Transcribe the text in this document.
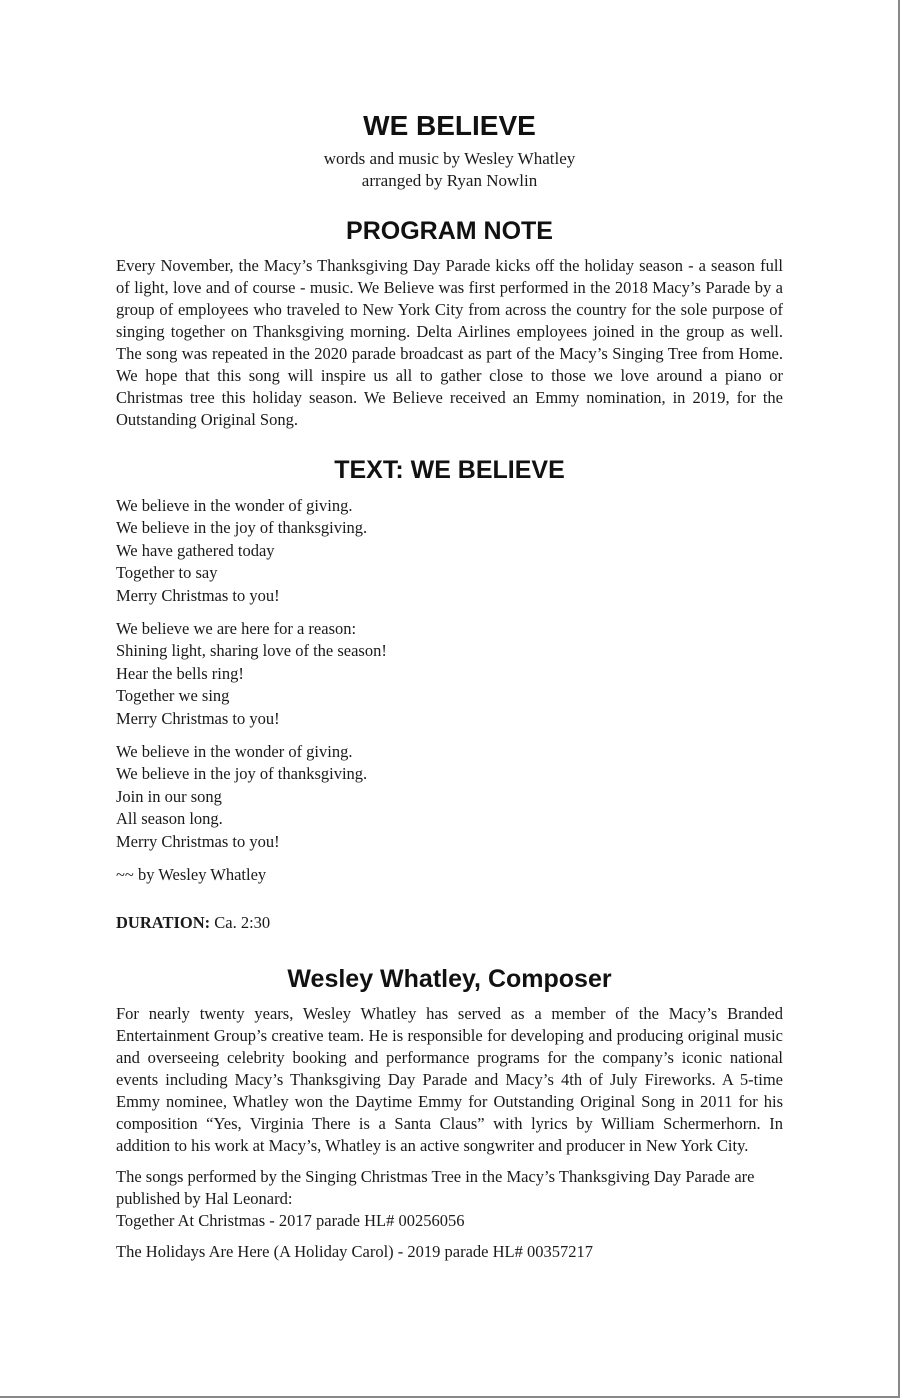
WE BELIEVE
words and music by Wesley Whatley
arranged by Ryan Nowlin
PROGRAM NOTE

Every November, the Macy’s Thanksgiving Day Parade kicks off the holiday season - a season full of light, love and of course - music. We Believe was first performed in the 2018 Macy’s Parade by a group of employees who traveled to New York City from across the country for the sole purpose of singing together on Thanksgiving morning. Delta Airlines employees joined in the group as well. The song was repeated in the 2020 parade broadcast as part of the Macy’s Singing Tree from Home. We hope that this song will inspire us all to gather close to those we love around a piano or Christmas tree this holiday season. We Believe received an Emmy nomination, in 2019, for the Outstanding Original Song.

TEXT: WE BELIEVE
We believe in the wonder of giving.
We believe in the joy of thanksgiving.
We have gathered today
Together to say
Merry Christmas to you!
We believe we are here for a reason:
Shining light, sharing love of the season!
Hear the bells ring!
Together we sing
Merry Christmas to you!
We believe in the wonder of giving.
We believe in the joy of thanksgiving.
Join in our song
All season long.
Merry Christmas to you!

~~ by Wesley Whatley

DURATION: Ca. 2:30

Wesley Whatley, Composer

For nearly twenty years, Wesley Whatley has served as a member of the Macy’s Branded Entertainment Group’s creative team. He is responsible for developing and producing original music and overseeing celebrity booking and performance programs for the company’s iconic national events including Macy’s Thanksgiving Day Parade and Macy’s 4th of July Fireworks. A 5-time Emmy nominee, Whatley won the Daytime Emmy for Outstanding Original Song in 2011 for his composition “Yes, Virginia There is a Santa Claus” with lyrics by William Schermerhorn. In addition to his work at Macy’s, Whatley is an active songwriter and producer in New York City.

The songs performed by the Singing Christmas Tree in the Macy’s Thanksgiving Day Parade are published by Hal Leonard:
Together At Christmas - 2017 parade HL# 00256056

The Holidays Are Here (A Holiday Carol) - 2019 parade HL# 00357217
